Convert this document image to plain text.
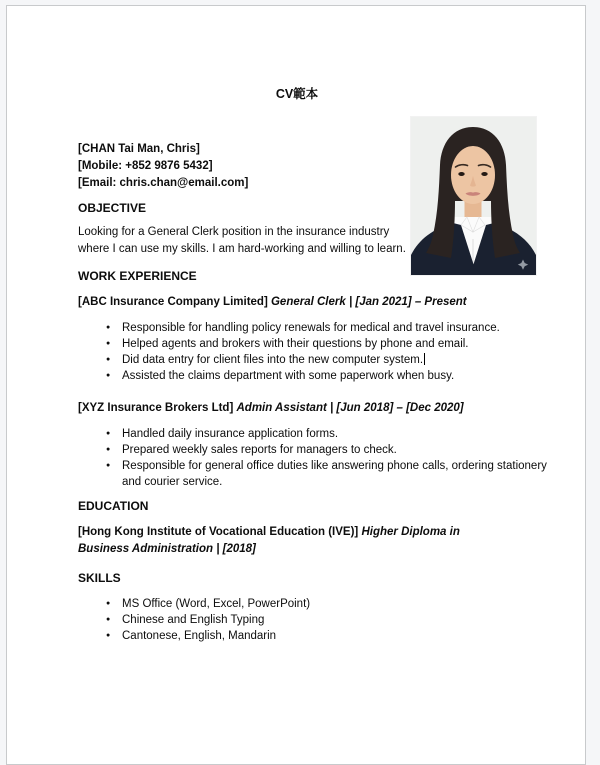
CV範本

[CHAN Tai Man, Chris]

[Mobile: +852 9876 5432]

[Email: chris.chan@email.com]

OBJECTIVE

Looking for a General Clerk position in the insurance industry where I can use my skills. I am hard-working and willing to learn.

WORK EXPERIENCE

[ABC Insurance Company Limited] General Clerk | [Jan 2021] – Present

●
Responsible for handling policy renewals for medical and travel insurance.
●
Helped agents and brokers with their questions by phone and email.
●
Did data entry for client files into the new computer system.
●
Assisted the claims department with some paperwork when busy.

[XYZ Insurance Brokers Ltd] Admin Assistant | [Jun 2018] – [Dec 2020]

●
Handled daily insurance application forms.
●
Prepared weekly sales reports for managers to check.
●
Responsible for general office duties like answering phone calls, ordering stationery and courier service.

EDUCATION

[Hong Kong Institute of Vocational Education (IVE)] Higher Diploma in Business Administration | [2018]

SKILLS

●
MS Office (Word, Excel, PowerPoint)
●
Chinese and English Typing
●
Cantonese, English, Mandarin
